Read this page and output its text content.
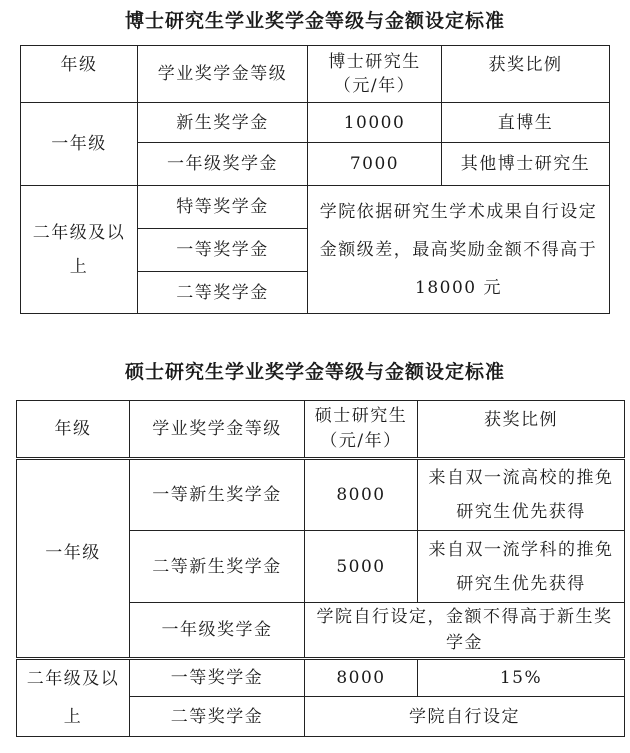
博士研究生学业奖学金等级与金额设定标准
年级	学业奖学金等级	博士研究生（元/年）	获奖比例
一年级	新生奖学金	10000	直博生
	一年级奖学金	7000	其他博士研究生
二年级及以上	特等奖学金	学院依据研究生学术成果自行设定金额级差，最高奖励金额不得高于 18000 元	
	一等奖学金		
	二等奖学金		
硕士研究生学业奖学金等级与金额设定标准
年级	学业奖学金等级	硕士研究生（元/年）	获奖比例
一年级	一等新生奖学金	8000	来自双一流高校的推免研究生优先获得
	二等新生奖学金	5000	来自双一流学科的推免研究生优先获得
	一年级奖学金	学院自行设定，金额不得高于新生奖学金	
二年级及以上	一等奖学金	8000	15%
	二等奖学金	学院自行设定	
